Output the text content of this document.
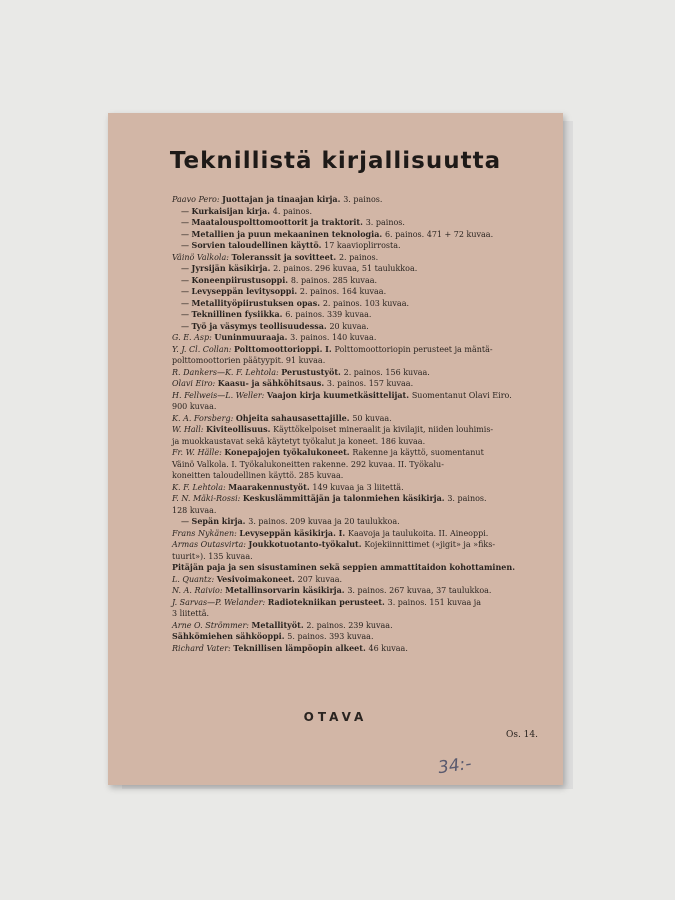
Teknillistä kirjallisuutta
Paavo Pero: Juottajan ja tinaajan kirja. 3. painos.
— Kurkaisijan kirja. 4. painos.
— Maatalouspolttomoottorit ja traktorit. 3. painos.
— Metallien ja puun mekaaninen teknologia. 6. painos. 471 + 72 kuvaa.
— Sorvien taloudellinen käyttö. 17 kaavioplirrosta.
Väinö Valkola: Toleranssit ja sovitteet. 2. painos.
— Jyrsijän käsikirja. 2. painos. 296 kuvaa, 51 taulukkoa.
— Koneenpiirustusoppi. 8. painos. 285 kuvaa.
— Levyseppän levitysoppi. 2. painos. 164 kuvaa.
— Metallityöpiirustuksen opas. 2. painos. 103 kuvaa.
— Teknillinen fysiikka. 6. painos. 339 kuvaa.
— Työ ja väsymys teollisuudessa. 20 kuvaa.
G. E. Asp: Uuninmuuraaja. 3. painos. 140 kuvaa.
Y. J. Cl. Collan: Polttomoottorioppi. I. Polttomoottoriopin perusteet ja mäntä-
polttomoottorien päätyypit. 91 kuvaa.
R. Dankers—K. F. Lehtola: Perustustyöt. 2. painos. 156 kuvaa.
Olavi Eiro: Kaasu- ja sähköhitsaus. 3. painos. 157 kuvaa.
H. Fellweis—L. Weller: Vaajon kirja kuumetkäsittelijat. Suomentanut Olavi Eiro.
900 kuvaa.
K. A. Forsberg: Ohjeita sahausasettajille. 50 kuvaa.
W. Hall: Kiviteollisuus. Käyttökelpoiset mineraalit ja kivilajit, niiden louhimis-
ja muokkaustavat sekä käytetyt työkalut ja koneet. 186 kuvaa.
Fr. W. Hälle: Konepajojen työkalukoneet. Rakenne ja käyttö, suomentanut
Väinö Valkola. I. Työkalukoneitten rakenne. 292 kuvaa. II. Työkalu-
koneitten taloudellinen käyttö. 285 kuvaa.
K. F. Lehtola: Maarakennustyöt. 149 kuvaa ja 3 liitettä.
F. N. Mäki-Rossi: Keskuslämmittäjän ja talonmiehen käsikirja. 3. painos.
128 kuvaa.
— Sepän kirja. 3. painos. 209 kuvaa ja 20 taulukkoa.
Frans Nykänen: Levyseppän käsikirja. I. Kaavoja ja taulukoita. II. Aineoppi.
Armas Outasvirta: Joukkotuotanto-työkalut. Kojekiinnittimet (»jigit» ja »fiks-
tuurit»). 135 kuvaa.
Pitäjän paja ja sen sisustaminen sekä seppien ammattitaidon kohottaminen.
L. Quantz: Vesivoimakoneet. 207 kuvaa.
N. A. Raivio: Metallinsorvarin käsikirja. 3. painos. 267 kuvaa, 37 taulukkoa.
J. Sarvas—P. Welander: Radiotekniikan perusteet. 3. painos. 151 kuvaa ja
3 liitettä.
Arne O. Strömmer: Metallityöt. 2. painos. 239 kuvaa.
Sähkömiehen sähköoppi. 5. painos. 393 kuvaa.
Richard Vater: Teknillisen lämpöopin alkeet. 46 kuvaa.
OTAVA
Os. 14.
34:-
